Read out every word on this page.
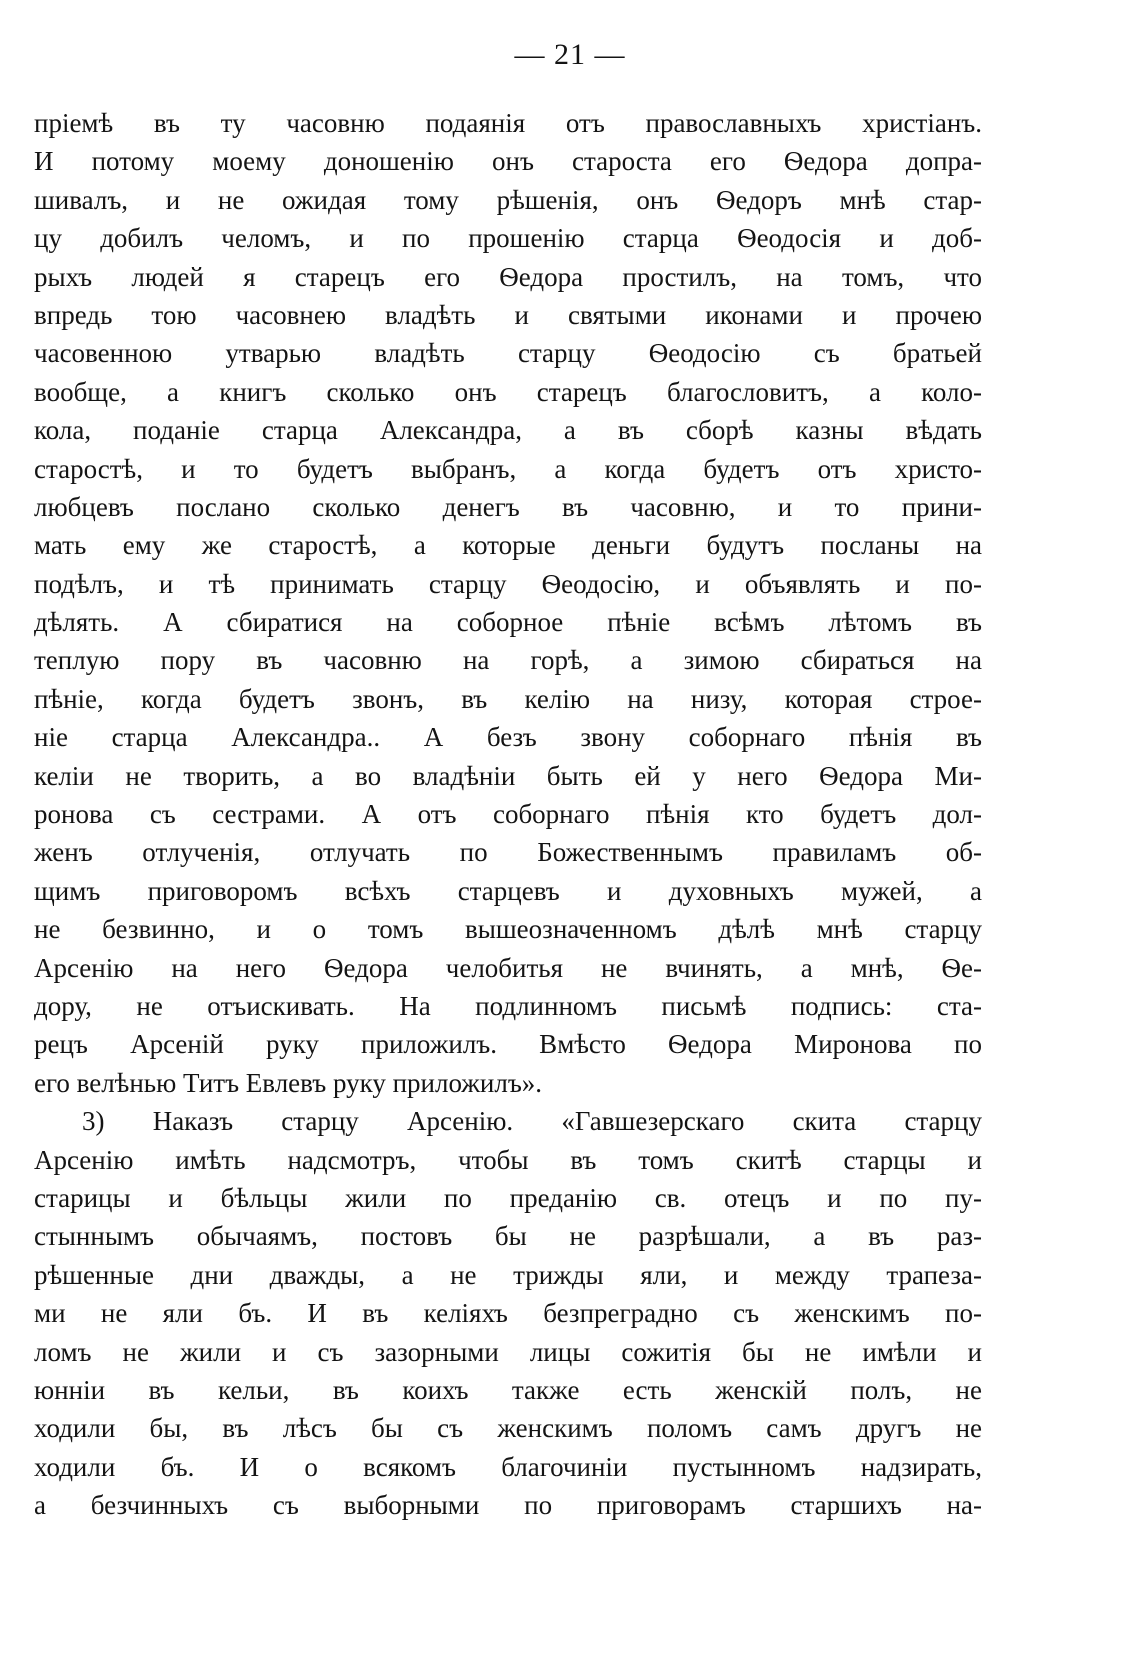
— 21 —
пріемѣ въ ту часовню подаянія отъ православныхъ христіанъ.
И потому моему доношенію онъ староста его Ѳедора допра-
шивалъ, и не ожидая тому рѣшенія, онъ Ѳедоръ мнѣ стар-
цу добилъ челомъ, и по прошенію старца Ѳеодосія и доб-
рыхъ людей я старецъ его Ѳедора простилъ, на томъ, что
впредь тою часовнею владѣть и святыми иконами и прочею
часовенною утварью владѣть старцу Ѳеодосію съ братьей
вообще, а книгъ сколько онъ старецъ благословитъ, а коло-
кола, поданіе старца Александра, а въ сборѣ казны вѣдать
старостѣ, и то будетъ выбранъ, а когда будетъ отъ христо-
любцевъ послано сколько денегъ въ часовню, и то прини-
мать ему же старостѣ, а которые деньги будутъ посланы на
подѣлъ, и тѣ принимать старцу Ѳеодосію, и объявлять и по-
дѣлять. А сбиратися на соборное пѣніе всѣмъ лѣтомъ въ
теплую пору въ часовню на горѣ, а зимою сбираться на
пѣніе, когда будетъ звонъ, въ келію на низу, которая строе-
ніе старца Александра.. А безъ звону соборнаго пѣнія въ
келіи не творить, а во владѣніи быть ей у него Ѳедора Ми-
ронова съ сестрами. А отъ соборнаго пѣнія кто будетъ дол-
женъ отлученія, отлучать по Божественнымъ правиламъ об-
щимъ приговоромъ всѣхъ старцевъ и духовныхъ мужей, а
не безвинно, и о томъ вышеозначенномъ дѣлѣ мнѣ старцу
Арсенію на него Ѳедора челобитья не вчинять, а мнѣ, Ѳе-
дору, не отъискивать. На подлинномъ письмѣ подпись: ста-
рецъ Арсеній руку приложилъ. Вмѣсто Ѳедора Миронова по
его велѣнью Титъ Евлевъ руку приложилъ».
3) Наказъ старцу Арсенію. «Гавшезерскаго скита старцу
Арсенію имѣть надсмотръ, чтобы въ томъ скитѣ старцы и
старицы и бѣльцы жили по преданію св. отецъ и по пу-
стыннымъ обычаямъ, постовъ бы не разрѣшали, а въ раз-
рѣшенные дни дважды, а не трижды яли, и между трапеза-
ми не яли бъ. И въ келіяхъ безпреградно съ женскимъ по-
ломъ не жили и съ зазорными лицы сожитія бы не имѣли и
юнніи въ кельи, въ коихъ также есть женскій полъ, не
ходили бы, въ лѣсъ бы съ женскимъ поломъ самъ другъ не
ходили бъ. И о всякомъ благочиніи пустынномъ надзирать,
а безчинныхъ съ выборными по приговорамъ старшихъ на-
